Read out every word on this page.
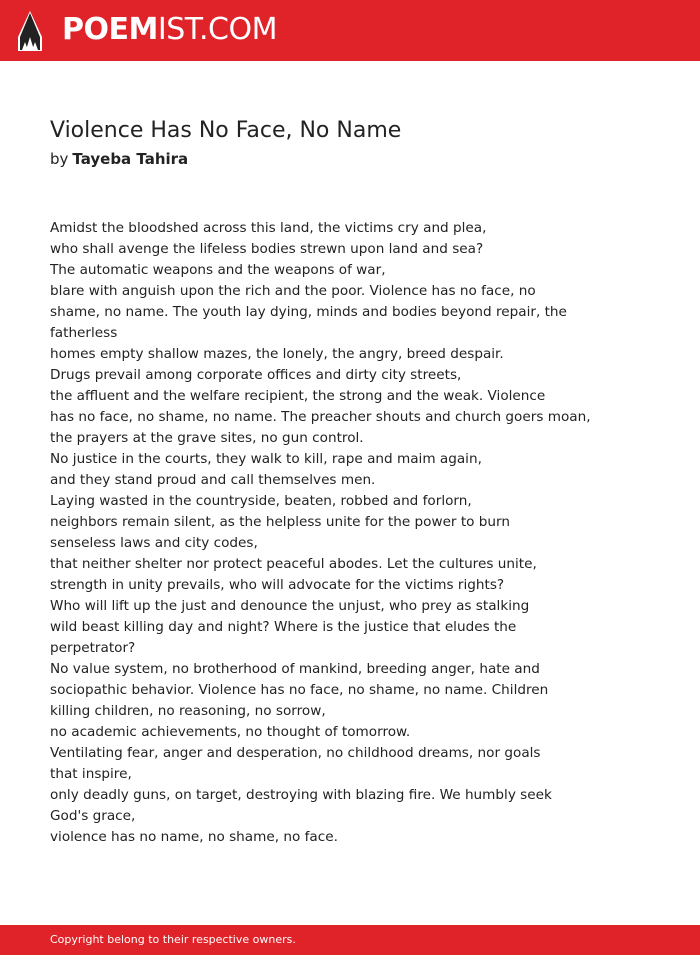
POEMIST.COM
Violence Has No Face, No Name
by Tayeba Tahira
Amidst the bloodshed across this land, the victims cry and plea,
who shall avenge the lifeless bodies strewn upon land and sea?
The automatic weapons and the weapons of war,
blare with anguish upon the rich and the poor. Violence has no face, no
shame, no name. The youth lay dying, minds and bodies beyond repair, the
fatherless
homes empty shallow mazes, the lonely, the angry, breed despair.
Drugs prevail among corporate offices and dirty city streets,
the affluent and the welfare recipient, the strong and the weak. Violence
has no face, no shame, no name. The preacher shouts and church goers moan,
the prayers at the grave sites, no gun control.
No justice in the courts, they walk to kill, rape and maim again,
and they stand proud and call themselves men.
Laying wasted in the countryside, beaten, robbed and forlorn,
neighbors remain silent, as the helpless unite for the power to burn
senseless laws and city codes,
that neither shelter nor protect peaceful abodes. Let the cultures unite,
strength in unity prevails, who will advocate for the victims rights?
Who will lift up the just and denounce the unjust, who prey as stalking
wild beast killing day and night? Where is the justice that eludes the
perpetrator?
No value system, no brotherhood of mankind, breeding anger, hate and
sociopathic behavior. Violence has no face, no shame, no name. Children
killing children, no reasoning, no sorrow,
no academic achievements, no thought of tomorrow.
Ventilating fear, anger and desperation, no childhood dreams, nor goals
that inspire,
only deadly guns, on target, destroying with blazing fire. We humbly seek
God's grace,
violence has no name, no shame, no face.
Copyright belong to their respective owners.
